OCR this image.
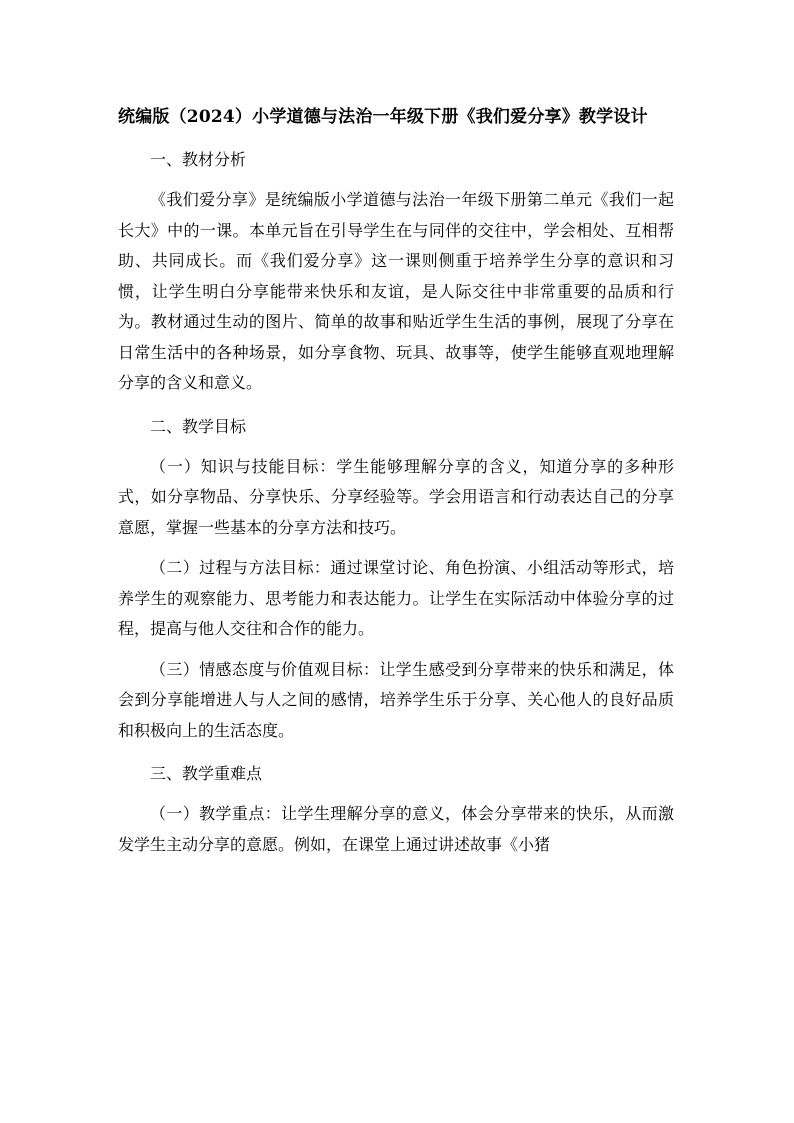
统编版（2024）小学道德与法治一年级下册《我们爱分享》教学设计

一、教材分析

《我们爱分享》是统编版小学道德与法治一年级下册第二单元《我们一起长大》中的一课。本单元旨在引导学生在与同伴的交往中，学会相处、互相帮助、共同成长。而《我们爱分享》这一课则侧重于培养学生分享的意识和习惯，让学生明白分享能带来快乐和友谊，是人际交往中非常重要的品质和行为。教材通过生动的图片、简单的故事和贴近学生生活的事例，展现了分享在日常生活中的各种场景，如分享食物、玩具、故事等，使学生能够直观地理解分享的含义和意义。

二、教学目标

（一）知识与技能目标：学生能够理解分享的含义，知道分享的多种形式，如分享物品、分享快乐、分享经验等。学会用语言和行动表达自己的分享意愿，掌握一些基本的分享方法和技巧。

（二）过程与方法目标：通过课堂讨论、角色扮演、小组活动等形式，培养学生的观察能力、思考能力和表达能力。让学生在实际活动中体验分享的过程，提高与他人交往和合作的能力。

（三）情感态度与价值观目标：让学生感受到分享带来的快乐和满足，体会到分享能增进人与人之间的感情，培养学生乐于分享、关心他人的良好品质和积极向上的生活态度。

三、教学重难点

（一）教学重点：让学生理解分享的意义，体会分享带来的快乐，从而激发学生主动分享的意愿。例如，在课堂上通过讲述故事《小猪
